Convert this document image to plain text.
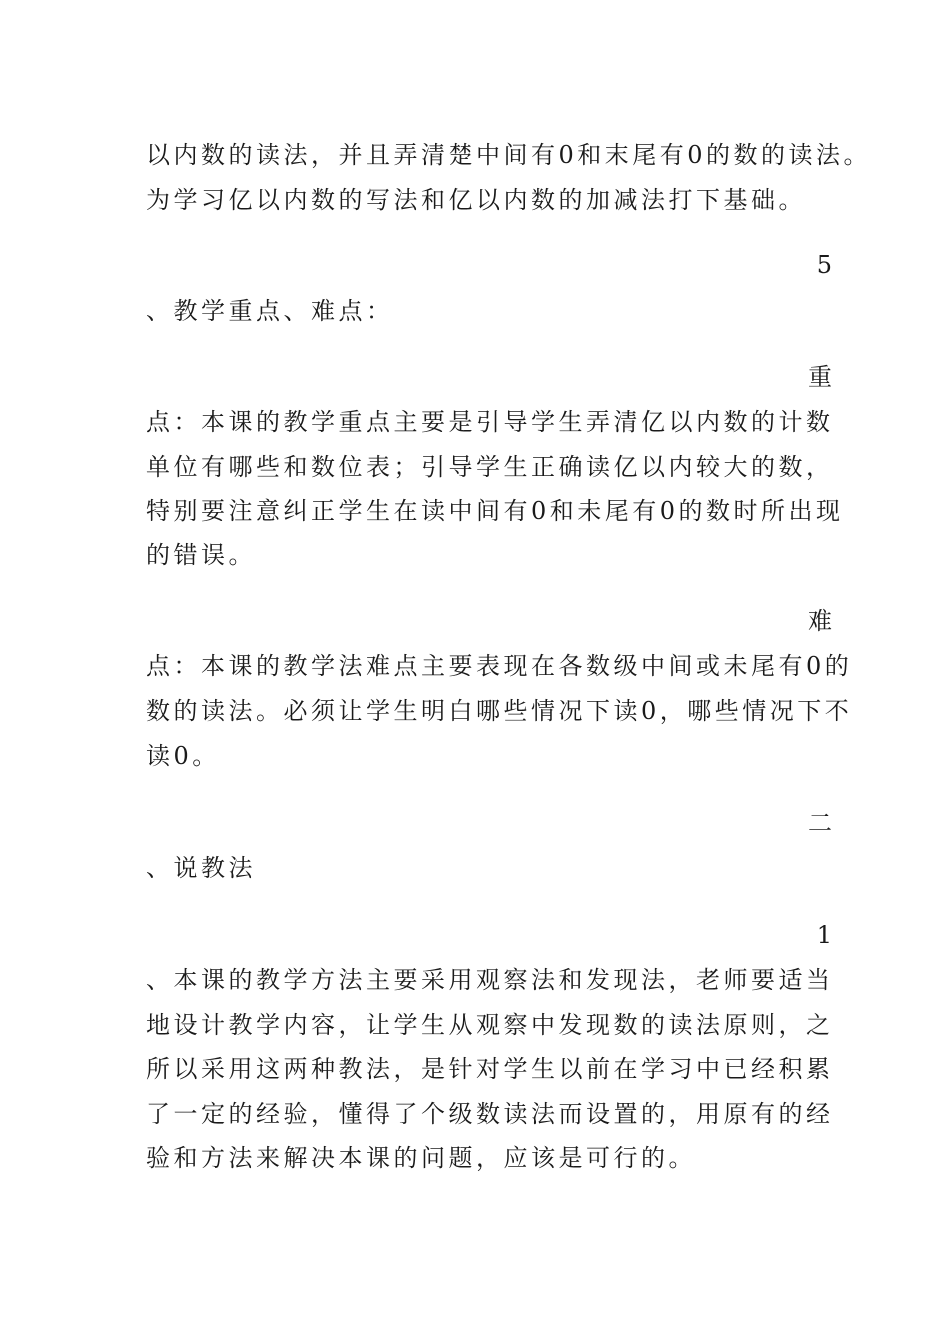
以内数的读法，并且弄清楚中间有0和末尾有0的数的读法。
为学习亿以内数的写法和亿以内数的加减法打下基础。
5
、教学重点、难点：
重
点：本课的教学重点主要是引导学生弄清亿以内数的计数
单位有哪些和数位表；引导学生正确读亿以内较大的数，
特别要注意纠正学生在读中间有0和未尾有0的数时所出现
的错误。
难
点：本课的教学法难点主要表现在各数级中间或未尾有0的
数的读法。必须让学生明白哪些情况下读0，哪些情况下不
读0。
二
、说教法
1
、本课的教学方法主要采用观察法和发现法，老师要适当
地设计教学内容，让学生从观察中发现数的读法原则，之
所以采用这两种教法，是针对学生以前在学习中已经积累
了一定的经验，懂得了个级数读法而设置的，用原有的经
验和方法来解决本课的问题，应该是可行的。
